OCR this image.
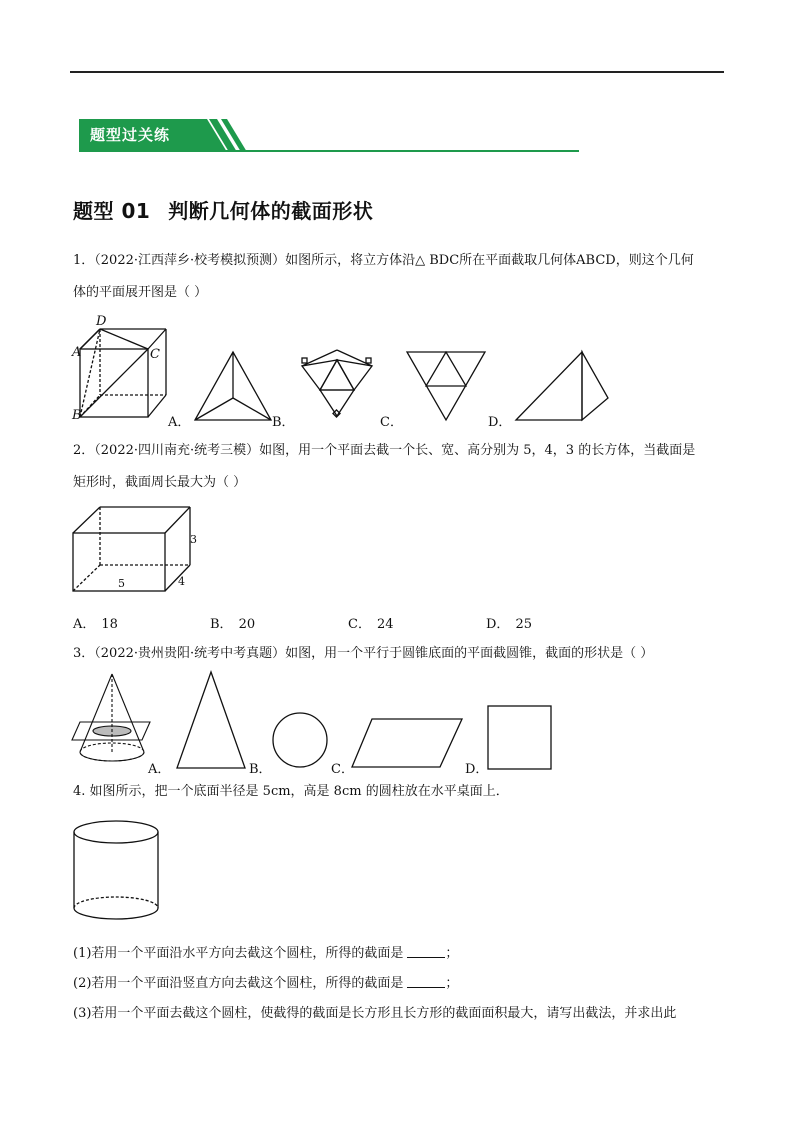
题型过关练
题型 01 判断几何体的截面形状
1．（2022·江西萍乡·校考模拟预测）如图所示，将立方体沿△ BDC所在平面截取几何体ABCD，则这个几何
体的平面展开图是（ ）
D
A	C
B	A．	B．	C．	D．
2．（2022·四川南充·统考三模）如图，用一个平面去截一个长、宽、高分别为 5，4，3 的长方体，当截面是
矩形时，截面周长最大为（ ）
3
5	4
A． 18	B． 20	C． 24	D． 25
3．（2022·贵州贵阳·统考中考真题）如图，用一个平行于圆锥底面的平面截圆锥，截面的形状是（ ）
A．	B．	C．	D．
4. 如图所示，把一个底面半径是 5cm，高是 8cm 的圆柱放在水平桌面上．
(1)若用一个平面沿水平方向去截这个圆柱，所得的截面是	；
(2)若用一个平面沿竖直方向去截这个圆柱，所得的截面是	；
(3)若用一个平面去截这个圆柱，使截得的截面是长方形且长方形的截面面积最大，请写出截法，并求出此
